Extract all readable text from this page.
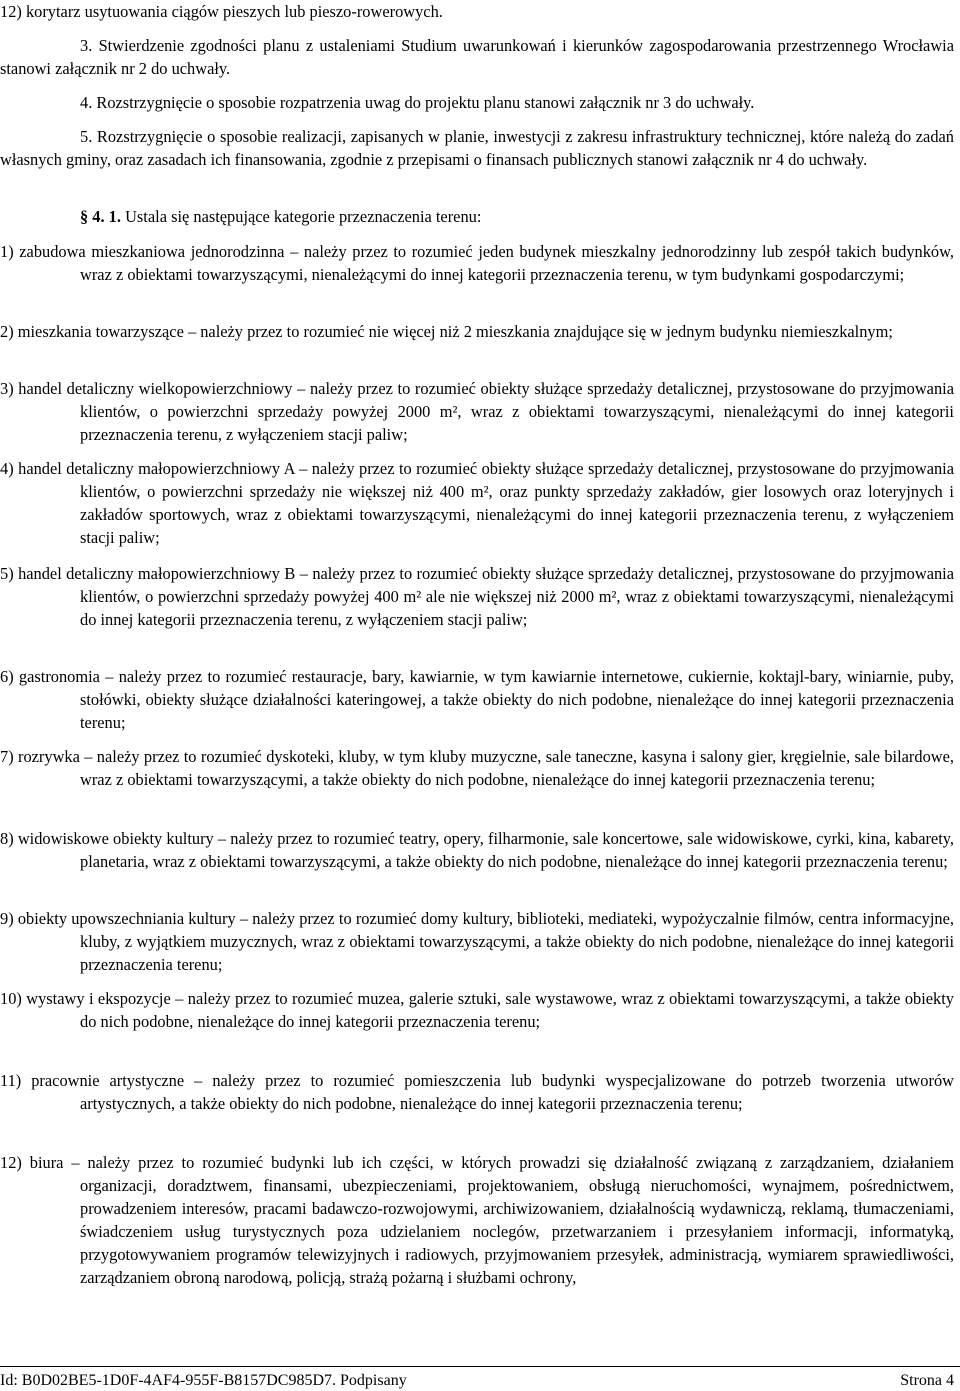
12) korytarz usytuowania ciągów pieszych lub pieszo-rowerowych.

3. Stwierdzenie zgodności planu z ustaleniami Studium uwarunkowań i kierunków zagospodarowania przestrzennego Wrocławia stanowi załącznik nr 2 do uchwały.

4. Rozstrzygnięcie o sposobie rozpatrzenia uwag do projektu planu stanowi załącznik nr 3 do uchwały.

5. Rozstrzygnięcie o sposobie realizacji, zapisanych w planie, inwestycji z zakresu infrastruktury technicznej, które należą do zadań własnych gminy, oraz zasadach ich finansowania, zgodnie z przepisami o finansach publicznych stanowi załącznik nr 4 do uchwały.

§ 4. 1. Ustala się następujące kategorie przeznaczenia terenu:

1) zabudowa mieszkaniowa jednorodzinna – należy przez to rozumieć jeden budynek mieszkalny jednorodzinny lub zespół takich budynków, wraz z obiektami towarzyszącymi, nienależącymi do innej kategorii przeznaczenia terenu, w tym budynkami gospodarczymi;

2) mieszkania towarzyszące – należy przez to rozumieć nie więcej niż 2 mieszkania znajdujące się w jednym budynku niemieszkalnym;

3) handel detaliczny wielkopowierzchniowy – należy przez to rozumieć obiekty służące sprzedaży detalicznej, przystosowane do przyjmowania klientów, o powierzchni sprzedaży powyżej 2000 m², wraz z obiektami towarzyszącymi, nienależącymi do innej kategorii przeznaczenia terenu, z wyłączeniem stacji paliw;

4) handel detaliczny małopowierzchniowy A – należy przez to rozumieć obiekty służące sprzedaży detalicznej, przystosowane do przyjmowania klientów, o powierzchni sprzedaży nie większej niż 400 m², oraz punkty sprzedaży zakładów, gier losowych oraz loteryjnych i zakładów sportowych, wraz z obiektami towarzyszącymi, nienależącymi do innej kategorii przeznaczenia terenu, z wyłączeniem stacji paliw;

5) handel detaliczny małopowierzchniowy B – należy przez to rozumieć obiekty służące sprzedaży detalicznej, przystosowane do przyjmowania klientów, o powierzchni sprzedaży powyżej 400 m² ale nie większej niż 2000 m², wraz z obiektami towarzyszącymi, nienależącymi do innej kategorii przeznaczenia terenu, z wyłączeniem stacji paliw;

6) gastronomia – należy przez to rozumieć restauracje, bary, kawiarnie, w tym kawiarnie internetowe, cukiernie, koktajl-bary, winiarnie, puby, stołówki, obiekty służące działalności kateringowej, a także obiekty do nich podobne, nienależące do innej kategorii przeznaczenia terenu;

7) rozrywka – należy przez to rozumieć dyskoteki, kluby, w tym kluby muzyczne, sale taneczne, kasyna i salony gier, kręgielnie, sale bilardowe, wraz z obiektami towarzyszącymi, a także obiekty do nich podobne, nienależące do innej kategorii przeznaczenia terenu;

8) widowiskowe obiekty kultury – należy przez to rozumieć teatry, opery, filharmonie, sale koncertowe, sale widowiskowe, cyrki, kina, kabarety, planetaria, wraz z obiektami towarzyszącymi, a także obiekty do nich podobne, nienależące do innej kategorii przeznaczenia terenu;

9) obiekty upowszechniania kultury – należy przez to rozumieć domy kultury, biblioteki, mediateki, wypożyczalnie filmów, centra informacyjne, kluby, z wyjątkiem muzycznych, wraz z obiektami towarzyszącymi, a także obiekty do nich podobne, nienależące do innej kategorii przeznaczenia terenu;

10) wystawy i ekspozycje – należy przez to rozumieć muzea, galerie sztuki, sale wystawowe, wraz z obiektami towarzyszącymi, a także obiekty do nich podobne, nienależące do innej kategorii przeznaczenia terenu;

11) pracownie artystyczne – należy przez to rozumieć pomieszczenia lub budynki wyspecjalizowane do potrzeb tworzenia utworów artystycznych, a także obiekty do nich podobne, nienależące do innej kategorii przeznaczenia terenu;

12) biura – należy przez to rozumieć budynki lub ich części, w których prowadzi się działalność związaną z zarządzaniem, działaniem organizacji, doradztwem, finansami, ubezpieczeniami, projektowaniem, obsługą nieruchomości, wynajmem, pośrednictwem, prowadzeniem interesów, pracami badawczo-rozwojowymi, archiwizowaniem, działalnością wydawniczą, reklamą, tłumaczeniami, świadczeniem usług turystycznych poza udzielaniem noclegów, przetwarzaniem i przesyłaniem informacji, informatyką, przygotowywaniem programów telewizyjnych i radiowych, przyjmowaniem przesyłek, administracją, wymiarem sprawiedliwości, zarządzaniem obroną narodową, policją, strażą pożarną i służbami ochrony,

Id: B0D02BE5-1D0F-4AF4-955F-B8157DC985D7. Podpisany	Strona 4
